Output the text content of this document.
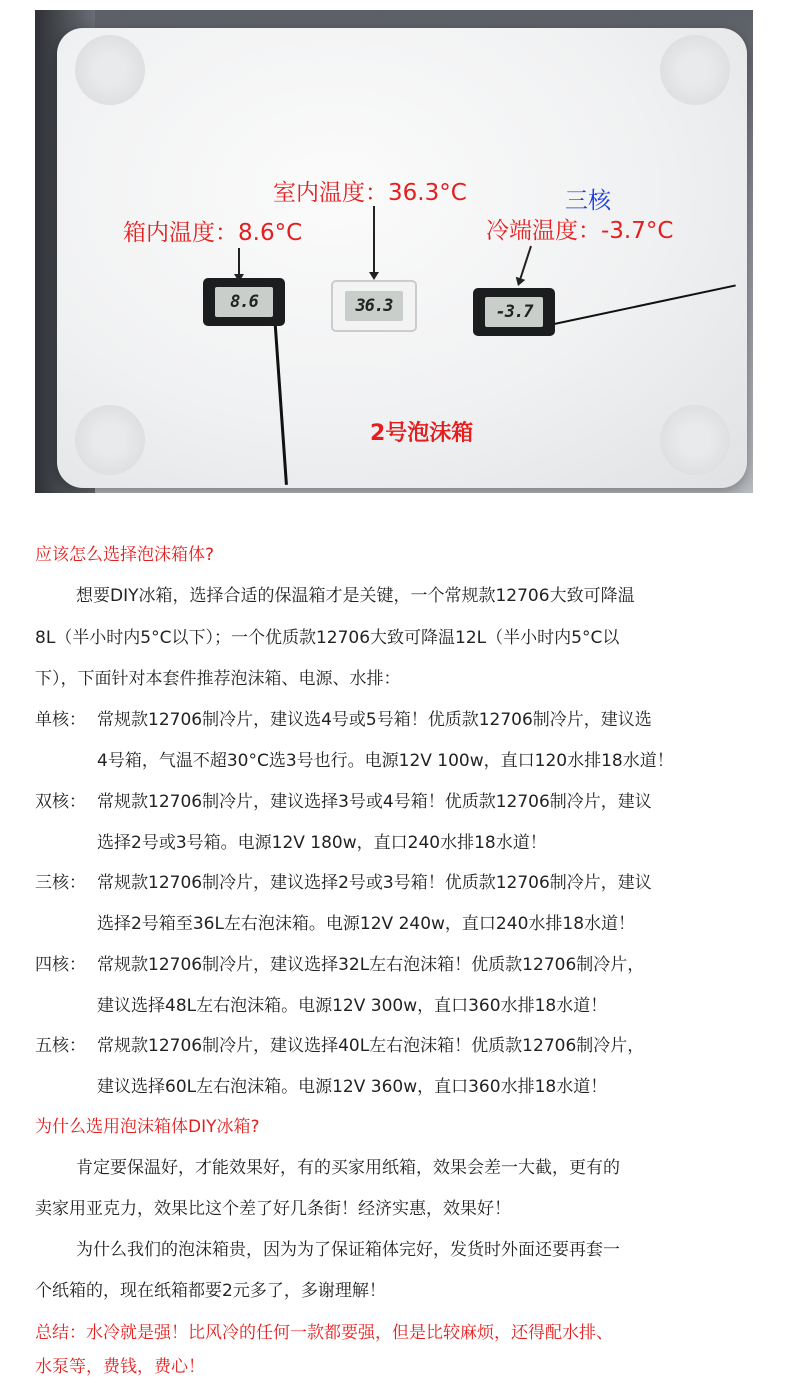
8.6	36.3	-3.7
箱内温度：8.6°C
室内温度：36.3°C	三核
冷端温度：-3.7°C
2号泡沫箱
应该怎么选择泡沫箱体?
想要DIY冰箱，选择合适的保温箱才是关键，一个常规款12706大致可降温
8L（半小时内5°C以下）；一个优质款12706大致可降温12L（半小时内5°C以
下），下面针对本套件推荐泡沫箱、电源、水排：
单核： 常规款12706制冷片，建议选4号或5号箱！优质款12706制冷片，建议选
4号箱，气温不超30°C选3号也行。电源12V 100w，直口120水排18水道！
双核： 常规款12706制冷片，建议选择3号或4号箱！优质款12706制冷片，建议
选择2号或3号箱。电源12V 180w，直口240水排18水道！
三核： 常规款12706制冷片，建议选择2号或3号箱！优质款12706制冷片，建议
选择2号箱至36L左右泡沫箱。电源12V 240w，直口240水排18水道！
四核： 常规款12706制冷片，建议选择32L左右泡沫箱！优质款12706制冷片，
建议选择48L左右泡沫箱。电源12V 300w，直口360水排18水道！
五核： 常规款12706制冷片，建议选择40L左右泡沫箱！优质款12706制冷片，
建议选择60L左右泡沫箱。电源12V 360w，直口360水排18水道！
为什么选用泡沫箱体DIY冰箱?
肯定要保温好，才能效果好，有的买家用纸箱，效果会差一大截，更有的
卖家用亚克力，效果比这个差了好几条街！经济实惠，效果好！
为什么我们的泡沫箱贵，因为为了保证箱体完好，发货时外面还要再套一
个纸箱的，现在纸箱都要2元多了，多谢理解！
总结：水冷就是强！比风冷的任何一款都要强，但是比较麻烦，还得配水排、
水泵等，费钱，费心！
